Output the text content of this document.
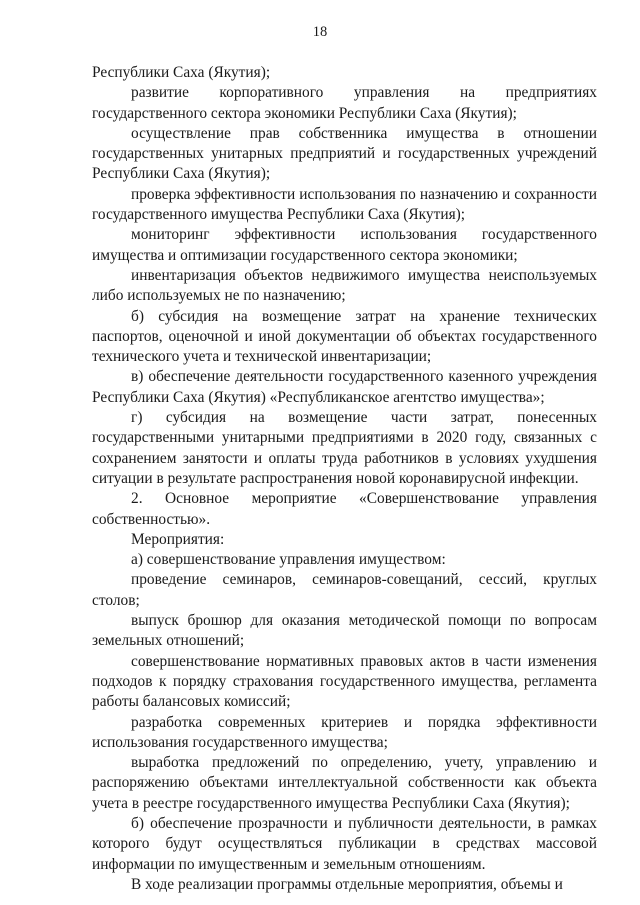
18

Республики Саха (Якутия);

развитие корпоративного управления на предприятиях государственного сектора экономики Республики Саха (Якутия);

осуществление прав собственника имущества в отношении государственных унитарных предприятий и государственных учреждений Республики Саха (Якутия);

проверка эффективности использования по назначению и сохранности государственного имущества Республики Саха (Якутия);

мониторинг эффективности использования государственного имущества и оптимизации государственного сектора экономики;

инвентаризация объектов недвижимого имущества неиспользуемых либо используемых не по назначению;

б) субсидия на возмещение затрат на хранение технических паспортов, оценочной и иной документации об объектах государственного технического учета и технической инвентаризации;

в) обеспечение деятельности государственного казенного учреждения Республики Саха (Якутия) «Республиканское агентство имущества»;

г) субсидия на возмещение части затрат, понесенных государственными унитарными предприятиями в 2020 году, связанных с сохранением занятости и оплаты труда работников в условиях ухудшения ситуации в результате распространения новой коронавирусной инфекции.

2. Основное мероприятие «Совершенствование управления собственностью».

Мероприятия:

а) совершенствование управления имуществом:

проведение семинаров, семинаров-совещаний, сессий, круглых столов;

выпуск брошюр для оказания методической помощи по вопросам земельных отношений;

совершенствование нормативных правовых актов в части изменения подходов к порядку страхования государственного имущества, регламента работы балансовых комиссий;

разработка современных критериев и порядка эффективности использования государственного имущества;

выработка предложений по определению, учету, управлению и распоряжению объектами интеллектуальной собственности как объекта учета в реестре государственного имущества Республики Саха (Якутия);

б) обеспечение прозрачности и публичности деятельности, в рамках которого будут осуществляться публикации в средствах массовой информации по имущественным и земельным отношениям.

В ходе реализации программы отдельные мероприятия, объемы и
